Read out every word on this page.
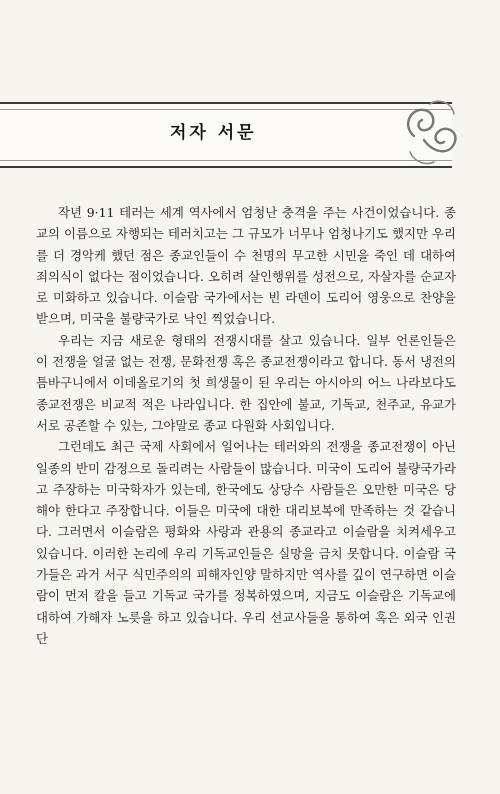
저자 서문

작년 9·11 테러는 세계 역사에서 엄청난 충격을 주는 사건이었습니다. 종교의 이름으로 자행되는 테러치고는 그 규모가 너무나 엄청나기도 했지만 우리를 더 경악케 했던 점은 종교인들이 수 천명의 무고한 시민을 죽인 데 대하여 죄의식이 없다는 점이었습니다. 오히려 살인행위를 성전으로, 자살자를 순교자로 미화하고 있습니다. 이슬람 국가에서는 빈 라덴이 도리어 영웅으로 찬양을 받으며, 미국을 불량국가로 낙인 찍었습니다.

우리는 지금 새로운 형태의 전쟁시대를 살고 있습니다. 일부 언론인들은 이 전쟁을 얼굴 없는 전쟁, 문화전쟁 혹은 종교전쟁이라고 합니다. 동서 냉전의 틈바구니에서 이데올로기의 첫 희생물이 된 우리는 아시아의 어느 나라보다도 종교전쟁은 비교적 적은 나라입니다. 한 집안에 불교, 기독교, 천주교, 유교가 서로 공존할 수 있는, 그야말로 종교 다원화 사회입니다.

그런데도 최근 국제 사회에서 일어나는 테러와의 전쟁을 종교전쟁이 아닌 일종의 반미 감정으로 돌리려는 사람들이 많습니다. 미국이 도리어 불량국가라고 주장하는 미국학자가 있는데, 한국에도 상당수 사람들은 오만한 미국은 당해야 한다고 주장합니다. 이들은 미국에 대한 대리보복에 만족하는 것 같습니다. 그러면서 이슬람은 평화와 사랑과 관용의 종교라고 이슬람을 치켜세우고 있습니다. 이러한 논리에 우리 기독교인들은 실망을 금치 못합니다. 이슬람 국가들은 과거 서구 식민주의의 피해자인양 말하지만 역사를 깊이 연구하면 이슬람이 먼저 칼을 들고 기독교 국가를 정복하였으며, 지금도 이슬람은 기독교에 대하여 가해자 노릇을 하고 있습니다. 우리 선교사들을 통하여 혹은 외국 인권단
